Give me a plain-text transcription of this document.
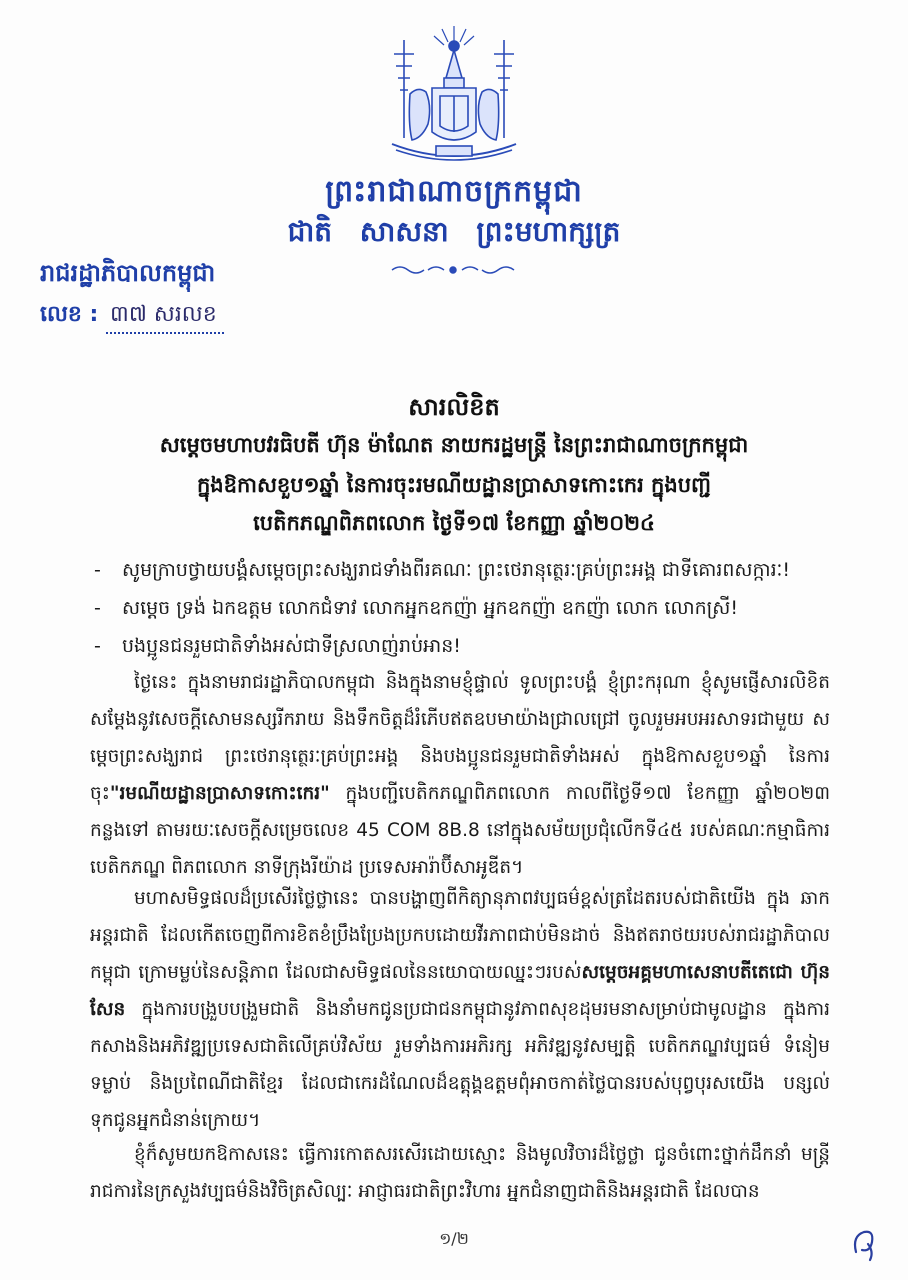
ព្រះរាជាណាចក្រកម្ពុជា
ជាតិ សាសនា ព្រះមហាក្សត្រ
រាជរដ្ឋាភិបាលកម្ពុជា
លេខ : ៣៧ សរលខ
សារលិខិត
សម្តេចមហាបវរធិបតី ហ៊ុន ម៉ាណែត នាយករដ្ឋមន្ត្រី នៃព្រះរាជាណាចក្រកម្ពុជា
ក្នុងឱកាសខួប១ឆ្នាំ នៃការចុះរមណីយដ្ឋានប្រាសាទកោះកេរ ក្នុងបញ្ជី
បេតិកភណ្ឌពិភពលោក ថ្ងៃទី១៧ ខែកញ្ញា ឆ្នាំ២០២៤
- សូមក្រាបថ្វាយបង្គំសម្តេចព្រះសង្ឃរាជទាំងពីរគណៈ ព្រះថេរានុត្ថេរៈគ្រប់ព្រះអង្គ ជាទីគោរពសក្ការៈ!
- សម្តេច ទ្រង់ ឯកឧត្តម លោកជំទាវ លោកអ្នកឧកញ៉ា អ្នកឧកញ៉ា ឧកញ៉ា លោក លោកស្រី!
- បងប្អូនជនរួមជាតិទាំងអស់ជាទីស្រលាញ់រាប់អាន!

ថ្ងៃនេះ ក្នុងនាមរាជរដ្ឋាភិបាលកម្ពុជា និងក្នុងនាមខ្ញុំផ្ទាល់ ទូលព្រះបង្គំ ខ្ញុំព្រះករុណា ខ្ញុំសូមផ្ញើសារលិខិត សម្តែងនូវសេចក្តីសោមនស្សរីករាយ និងទឹកចិត្តដ៏រំភើបឥតឧបមាយ៉ាងជ្រាលជ្រៅ ចូលរួមអបអរសាទរជាមួយ សម្តេចព្រះសង្ឃរាជ ព្រះថេរានុត្ថេរៈគ្រប់ព្រះអង្គ និងបងប្អូនជនរួមជាតិទាំងអស់ ក្នុងឱកាសខួប១ឆ្នាំ នៃការចុះ"រមណីយដ្ឋានប្រាសាទកោះកេរ" ក្នុងបញ្ជីបេតិកភណ្ឌពិភពលោក កាលពីថ្ងៃទី១៧ ខែកញ្ញា ឆ្នាំ២០២៣ កន្លងទៅ តាមរយៈសេចក្តីសម្រេចលេខ 45 COM 8B.8 នៅក្នុងសម័យប្រជុំលើកទី៤៥ របស់គណៈកម្មាធិការបេតិកភណ្ឌ ពិភពលោក នាទីក្រុងរីយ៉ាដ ប្រទេសអារ៉ាប៊ីសាអូឌីត។

មហាសមិទ្ធផលដ៏ប្រសើរថ្លៃថ្លានេះ បានបង្ហាញពីកិត្យានុភាពវប្បធម៌ខ្ពស់ត្រដែតរបស់ជាតិយើង ក្នុង ឆាកអន្តរជាតិ ដែលកើតចេញពីការខិតខំប្រឹងប្រែងប្រកបដោយវីរភាពជាប់មិនដាច់ និងឥតរាថយរបស់រាជរដ្ឋាភិបាល កម្ពុជា ក្រោមម្លប់នៃសន្តិភាព ដែលជាសមិទ្ធផលនៃនយោបាយឈ្នះៗរបស់សម្តេចអគ្គមហាសេនាបតីតេជោ ហ៊ុន សែន ក្នុងការបង្រួបបង្រួមជាតិ និងនាំមកជូនប្រជាជនកម្ពុជានូវភាពសុខដុមរមនាសម្រាប់ជាមូលដ្ឋាន ក្នុងការកសាងនិងអភិវឌ្ឍប្រទេសជាតិលើគ្រប់វិស័យ រួមទាំងការអភិរក្ស អភិវឌ្ឍនូវសម្បត្តិ បេតិកភណ្ឌវប្បធម៌ ទំនៀមទម្លាប់ និងប្រពៃណីជាតិខ្មែរ ដែលជាកេរដំណែលដ៏ឧត្តុង្គឧត្តមពុំអាចកាត់ថ្លៃបានរបស់បុព្វបុរសយើង បន្សល់ទុកជូនអ្នកជំនាន់ក្រោយ។

ខ្ញុំក៏សូមយកឱកាសនេះ ធ្វើការកោតសរសើរដោយស្មោះ និងមូលវិចារដ៏ថ្លៃថ្លា ជូនចំពោះថ្នាក់ដឹកនាំ មន្ត្រីរាជការនៃក្រសួងវប្បធម៌និងវិចិត្រសិល្បៈ អាជ្ញាធរជាតិព្រះវិហារ អ្នកជំនាញជាតិនិងអន្តរជាតិ ដែលបាន

១/២
